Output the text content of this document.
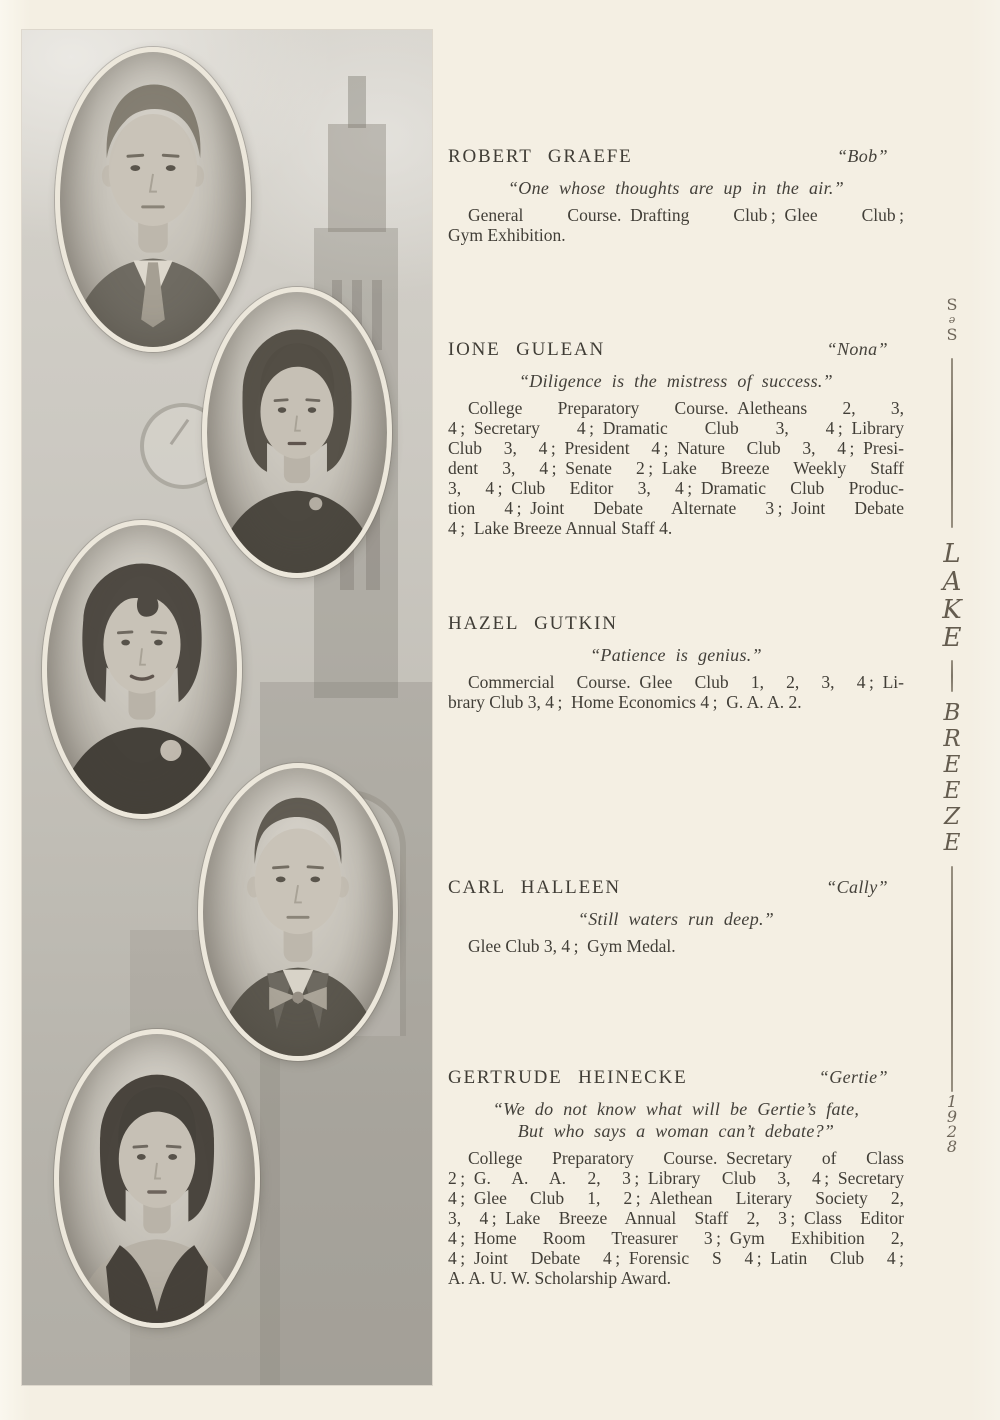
ROBERT GRAEFE	“Bob”
“One whose thoughts are up in the air.”
General Course. Drafting Club ; Glee Club ;
Gym Exhibition.
IONE GULEAN	“Nona”
“Diligence is the mistress of success.”
College Preparatory Course. Aletheans 2, 3,
4 ; Secretary 4 ; Dramatic Club 3, 4 ; Library
Club 3, 4 ; President 4 ; Nature Club 3, 4 ; Presi-
dent 3, 4 ; Senate 2 ; Lake Breeze Weekly Staff
3, 4 ; Club Editor 3, 4 ; Dramatic Club Produc-
tion 4 ; Joint Debate Alternate 3 ; Joint Debate
4 ; Lake Breeze Annual Staff 4.
HAZEL GUTKIN
“Patience is genius.”
Commercial Course. Glee Club 1, 2, 3, 4 ; Li-
brary Club 3, 4 ; Home Economics 4 ; G. A. A. 2.
CARL HALLEEN	“Cally”
“Still waters run deep.”
Glee Club 3, 4 ; Gym Medal.
GERTRUDE HEINECKE	“Gertie”
“We do not know what will be Gertie’s fate,
But who says a woman can’t debate?”
College Preparatory Course. Secretary of Class
2 ; G. A. A. 2, 3 ; Library Club 3, 4 ; Secretary
4 ; Glee Club 1, 2 ; Alethean Literary Society 2,
3, 4 ; Lake Breeze Annual Staff 2, 3 ; Class Editor
4 ; Home Room Treasurer 3 ; Gym Exhibition 2,
4 ; Joint Debate 4 ; Forensic S 4 ; Latin Club 4 ;
A. A. U. W. Scholarship Award.
S
ə
S
L
A
K
E
B
R
E
E
Z
E
1
9
2
8
